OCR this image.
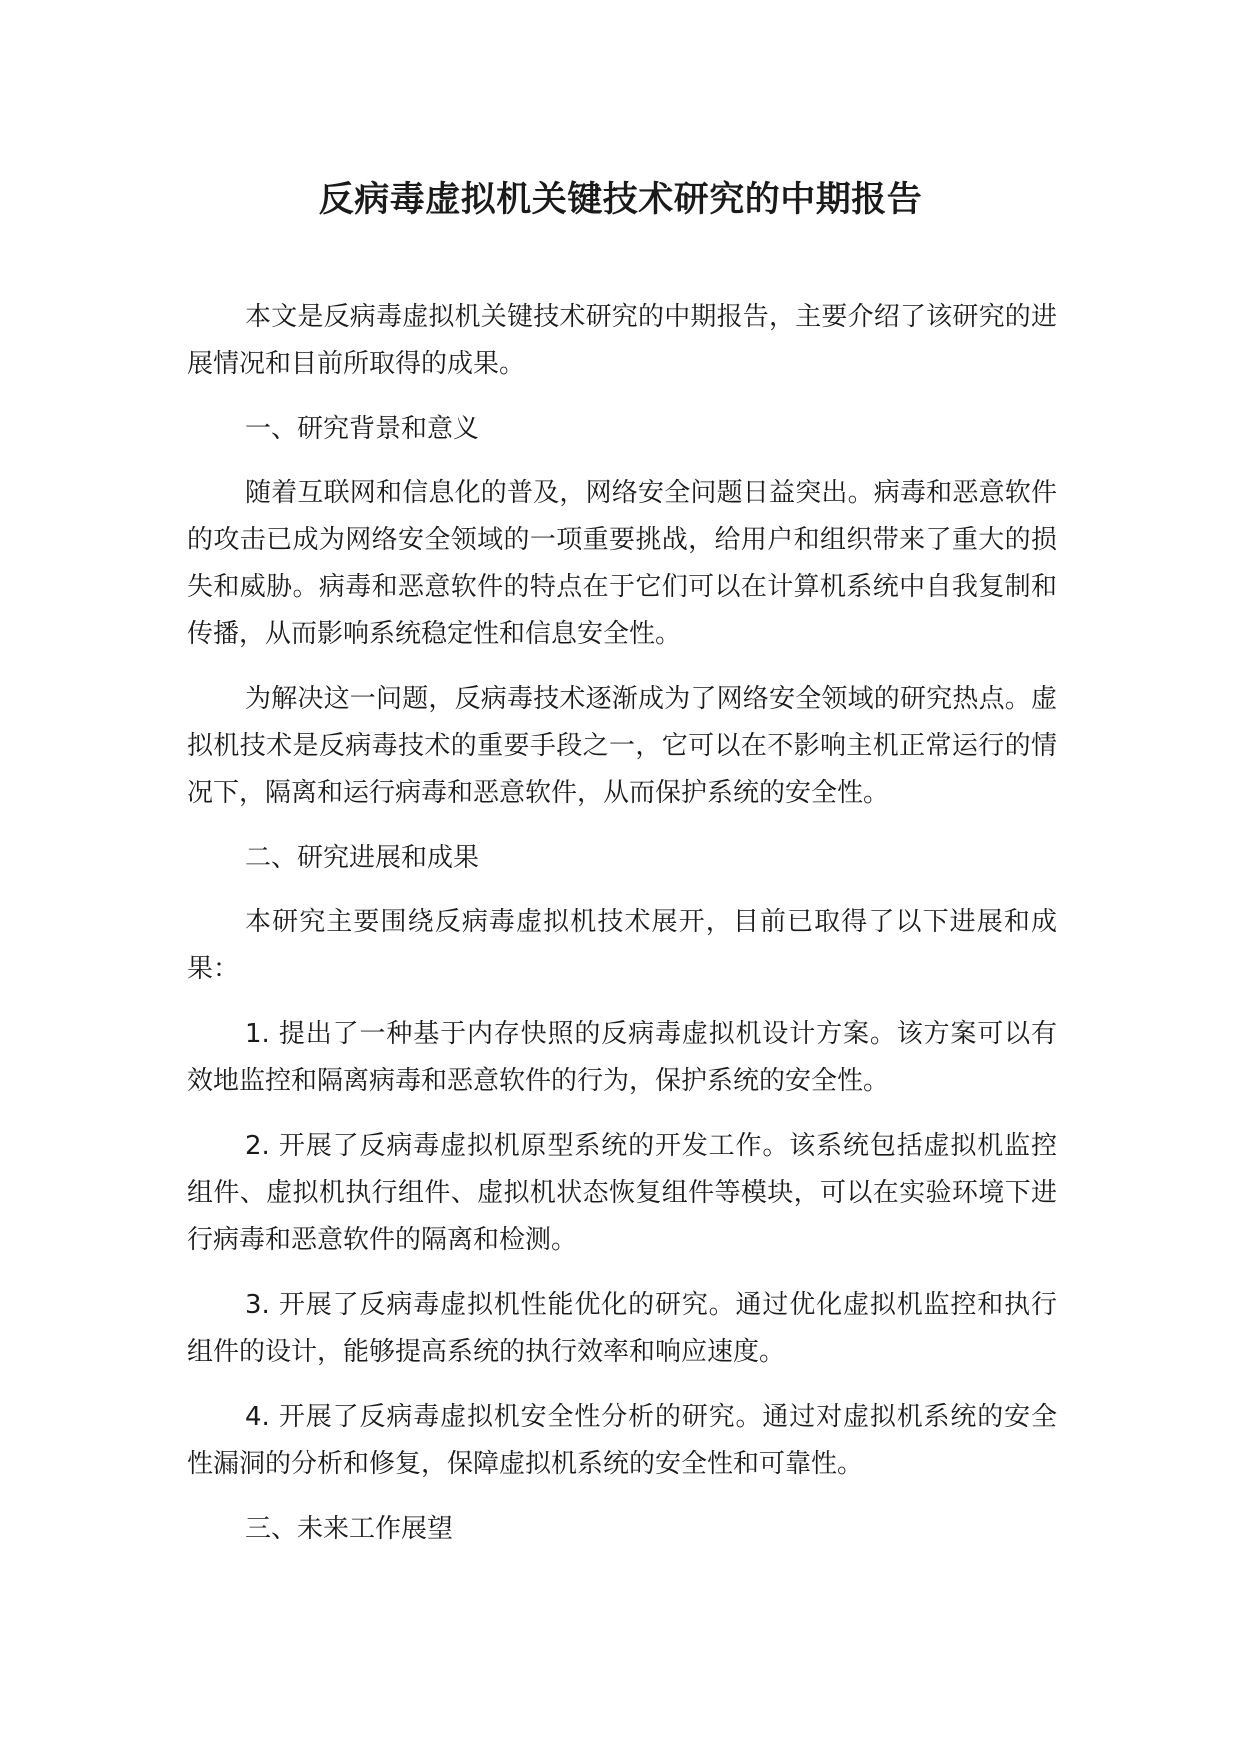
反病毒虚拟机关键技术研究的中期报告

本文是反病毒虚拟机关键技术研究的中期报告，主要介绍了该研究的进展情况和目前所取得的成果。

一、研究背景和意义

随着互联网和信息化的普及，网络安全问题日益突出。病毒和恶意软件的攻击已成为网络安全领域的一项重要挑战，给用户和组织带来了重大的损失和威胁。病毒和恶意软件的特点在于它们可以在计算机系统中自我复制和传播，从而影响系统稳定性和信息安全性。

为解决这一问题，反病毒技术逐渐成为了网络安全领域的研究热点。虚拟机技术是反病毒技术的重要手段之一，它可以在不影响主机正常运行的情况下，隔离和运行病毒和恶意软件，从而保护系统的安全性。

二、研究进展和成果

本研究主要围绕反病毒虚拟机技术展开，目前已取得了以下进展和成果：

1. 提出了一种基于内存快照的反病毒虚拟机设计方案。该方案可以有效地监控和隔离病毒和恶意软件的行为，保护系统的安全性。

2. 开展了反病毒虚拟机原型系统的开发工作。该系统包括虚拟机监控组件、虚拟机执行组件、虚拟机状态恢复组件等模块，可以在实验环境下进行病毒和恶意软件的隔离和检测。

3. 开展了反病毒虚拟机性能优化的研究。通过优化虚拟机监控和执行组件的设计，能够提高系统的执行效率和响应速度。

4. 开展了反病毒虚拟机安全性分析的研究。通过对虚拟机系统的安全性漏洞的分析和修复，保障虚拟机系统的安全性和可靠性。

三、未来工作展望
